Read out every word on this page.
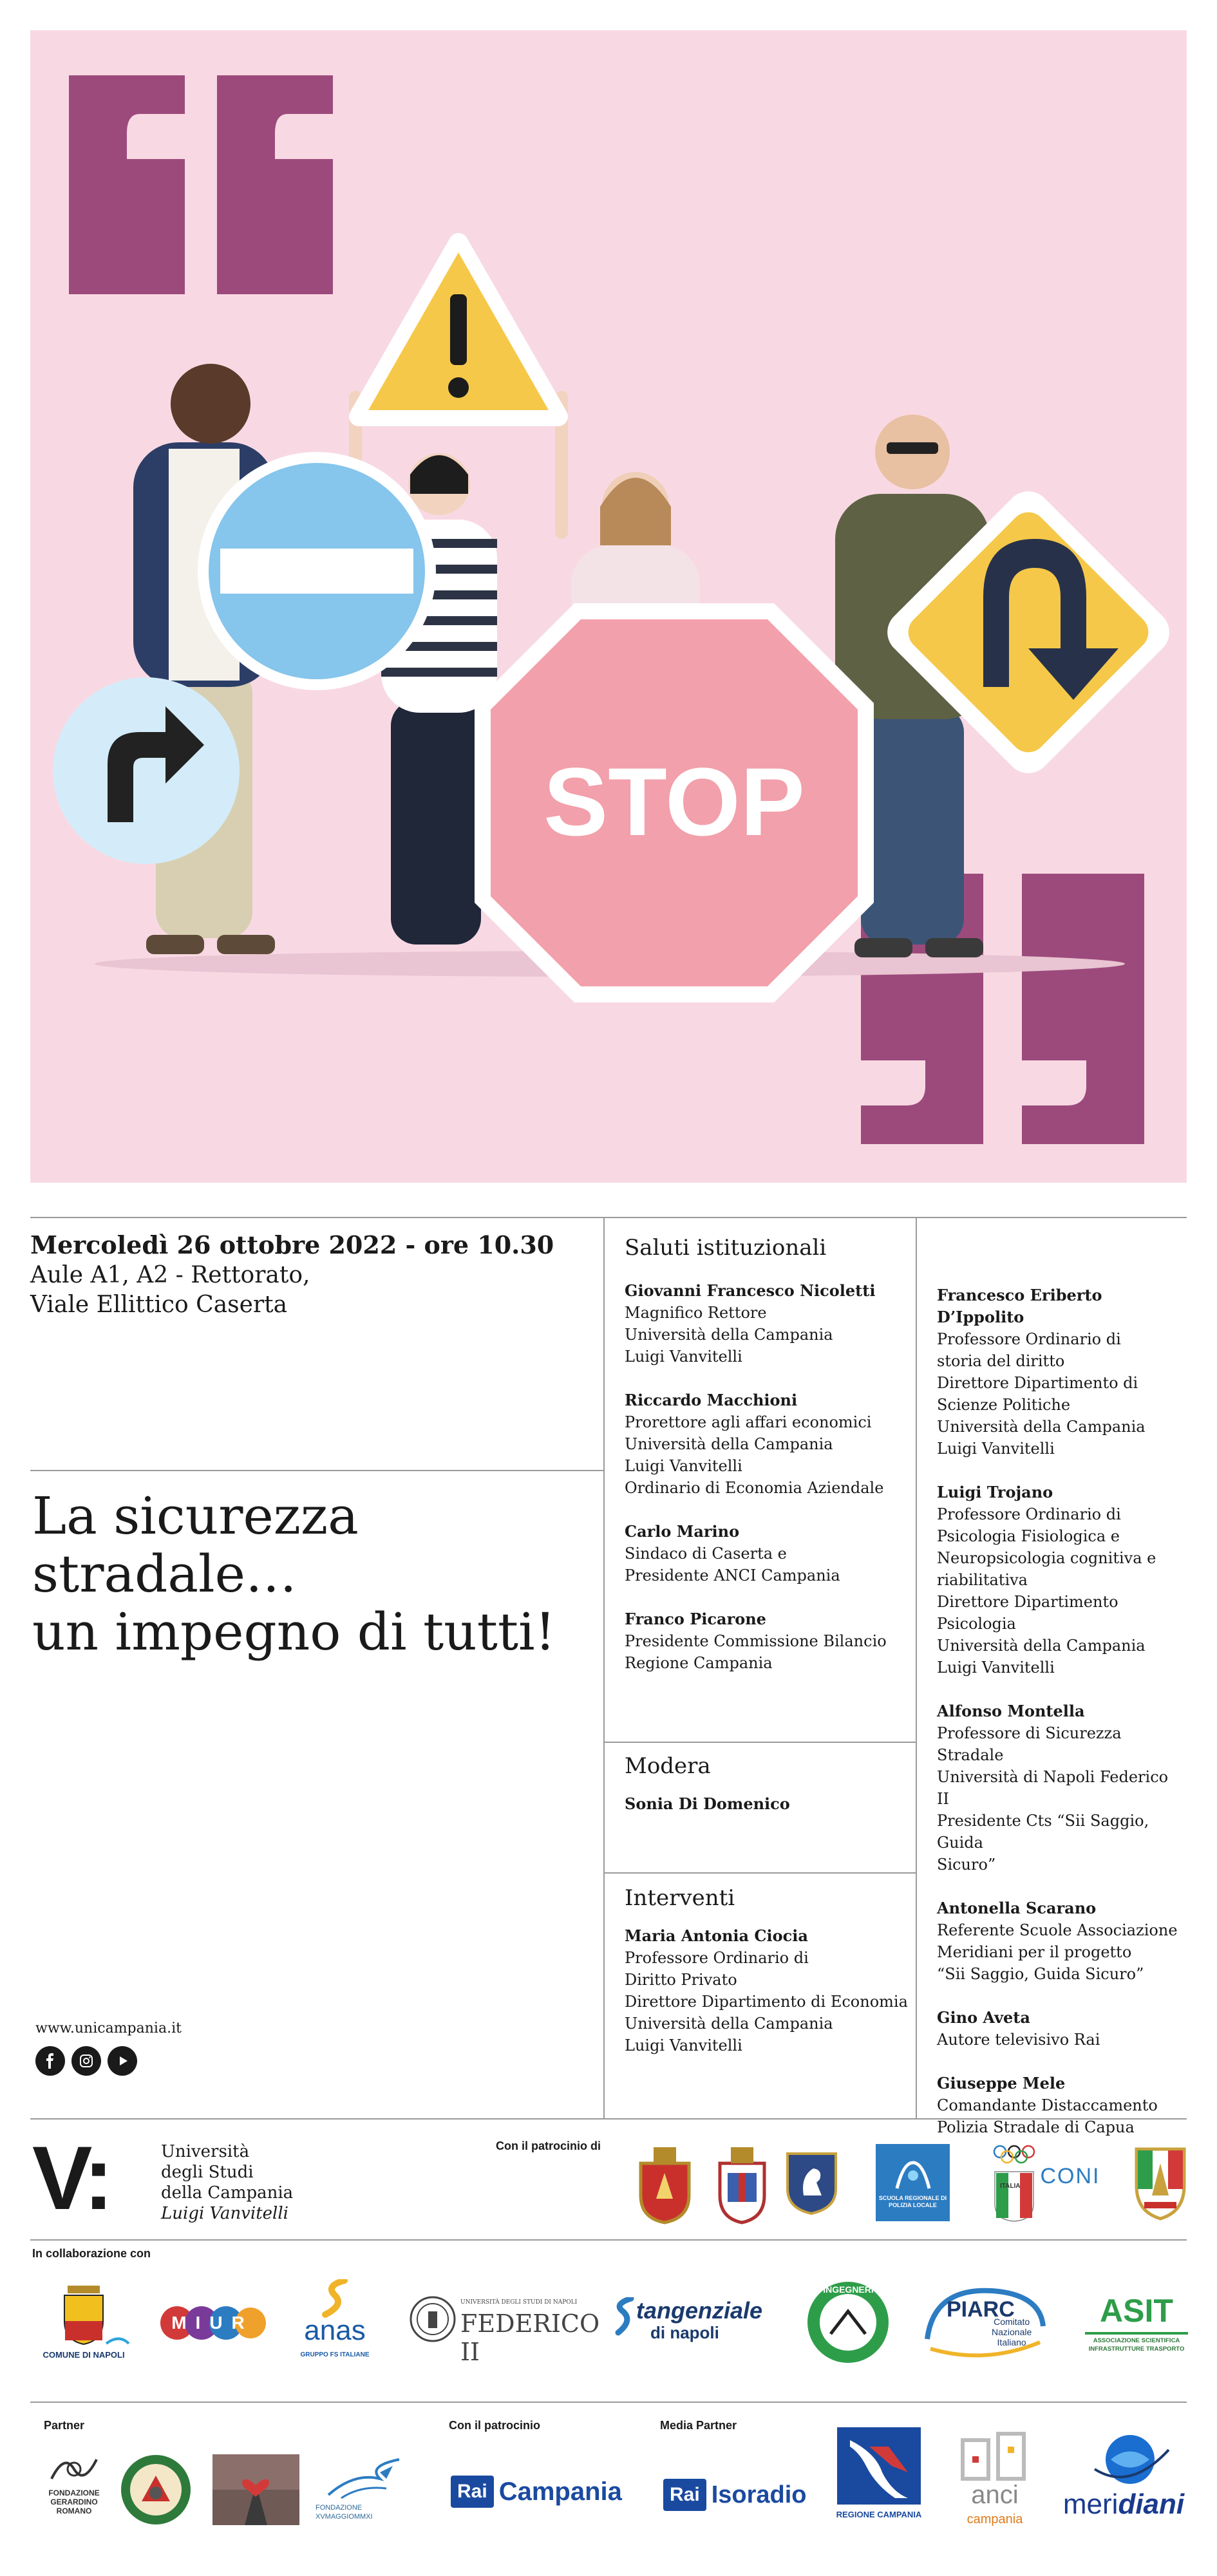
STOP
Mercoledì 26 ottobre 2022 - ore 10.30
Aule A1, A2 - Rettorato,
Viale Ellittico Caserta
La sicurezza
stradale…
un impegno di tutti!
www.unicampania.it
Saluti istituzionali
Giovanni Francesco Nicoletti
Magnifico Rettore
Università della Campania
Luigi Vanvitelli
Riccardo Macchioni
Prorettore agli affari economici
Università della Campania
Luigi Vanvitelli
Ordinario di Economia Aziendale
Carlo Marino
Sindaco di Caserta e
Presidente ANCI Campania
Franco Picarone
Presidente Commissione Bilancio
Regione Campania
Modera
Sonia Di Domenico
Interventi
Maria Antonia Ciocia
Professore Ordinario di
Diritto Privato
Direttore Dipartimento di Economia
Università della Campania
Luigi Vanvitelli
Francesco Eriberto D’Ippolito
Professore Ordinario di
storia del diritto
Direttore Dipartimento di
Scienze Politiche
Università della Campania
Luigi Vanvitelli
Luigi Trojano
Professore Ordinario di
Psicologia Fisiologica e
Neuropsicologia cognitiva e
riabilitativa
Direttore Dipartimento Psicologia
Università della Campania
Luigi Vanvitelli
Alfonso Montella
Professore di Sicurezza Stradale
Università di Napoli Federico II
Presidente Cts “Sii Saggio, Guida
Sicuro”
Antonella Scarano
Referente Scuole Associazione
Meridiani per il progetto
“Sii Saggio, Guida Sicuro”
Gino Aveta
Autore televisivo Rai
Giuseppe Mele
Comandante Distaccamento
Polizia Stradale di Capua
V:	Università
degli Studi
della Campania
Luigi Vanvitelli
Con il patrocinio di
SCUOLA REGIONALE DI POLIZIA LOCALE
ITALIA CONI
In collaborazione con
COMUNE DI NAPOLI
MIUR	anas
GRUPPO FS ITALIANE
UNIVERSITÀ DEGLI STUDI DI NAPOLI
FEDERICO II
tangenziale
di napoli
INGEGNERI
PIARC
Comitato
Nazionale
Italiano
ASIT
ASSOCIAZIONE SCIENTIFICA
INFRASTRUTTURE TRASPORTO
Partner	Con il patrocinio	Media Partner
FONDAZIONE
GERARDINO
ROMANO	FONDAZIONE
XVMAGGIOMMXI
Rai Campania	Rai Isoradio
REGIONE CAMPANIA
anci
campania	meridiani
